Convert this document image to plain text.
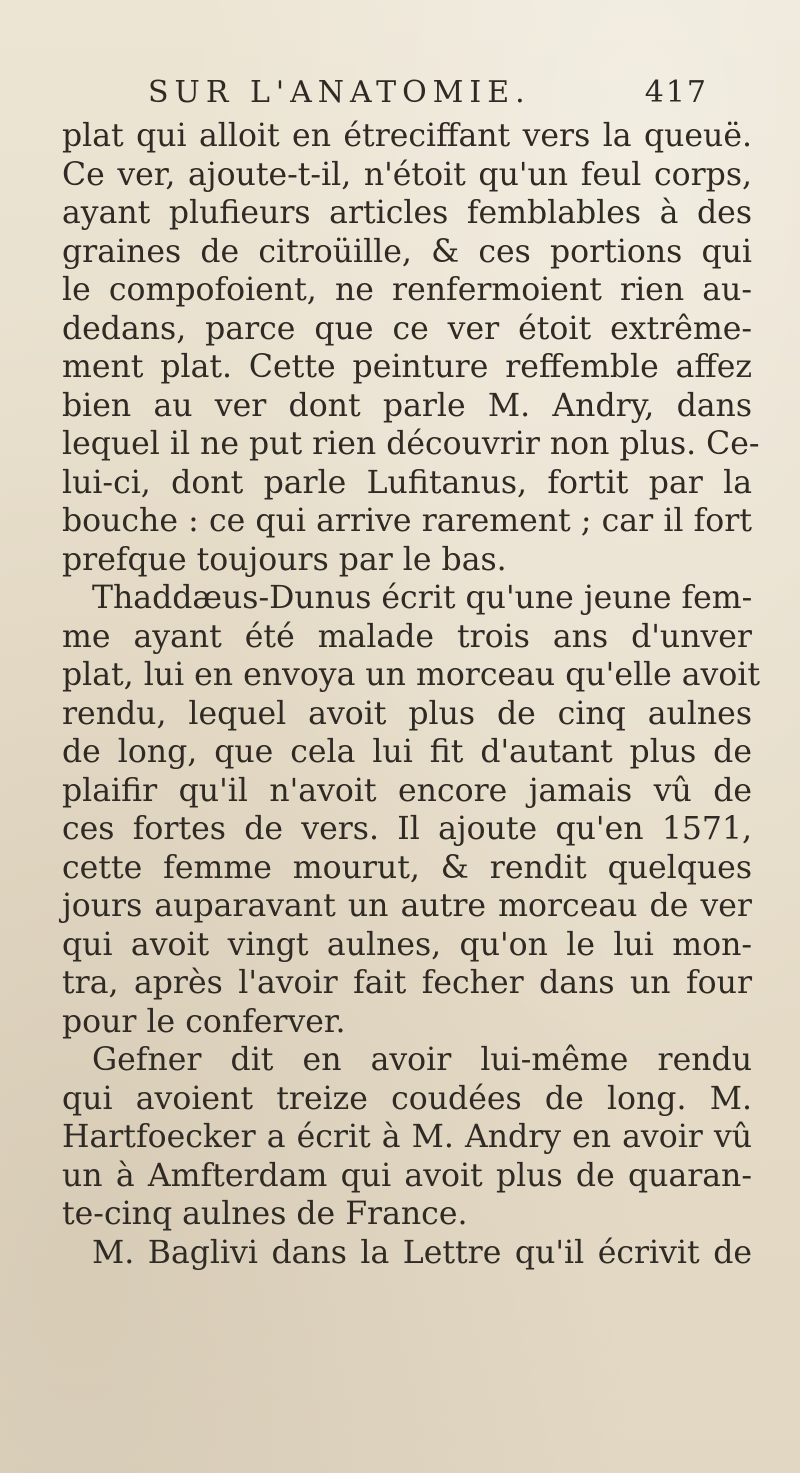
SUR L'ANATOMIE.	417
plat qui alloit en étreciffant vers la queuë.
Ce ver, ajoute-t-il, n'étoit qu'un feul corps,
ayant plufieurs articles femblables à des
graines de citroüille, & ces portions qui
le compofoient, ne renfermoient rien au-
dedans, parce que ce ver étoit extrême-
ment plat. Cette peinture reffemble affez
bien au ver dont parle M. Andry, dans
lequel il ne put rien découvrir non plus. Ce-
lui-ci, dont parle Lufitanus, fortit par la
bouche : ce qui arrive rarement ; car il fort
prefque toujours par le bas.
Thaddæus-Dunus écrit qu'une jeune fem-
me ayant été malade trois ans d'unver
plat, lui en envoya un morceau qu'elle avoit
rendu, lequel avoit plus de cinq aulnes
de long, que cela lui fit d'autant plus de
plaifir qu'il n'avoit encore jamais vû de
ces fortes de vers. Il ajoute qu'en 1571,
cette femme mourut, & rendit quelques
jours auparavant un autre morceau de ver
qui avoit vingt aulnes, qu'on le lui mon-
tra, après l'avoir fait fecher dans un four
pour le conferver.
Gefner dit en avoir lui-même rendu
qui avoient treize coudées de long. M.
Hartfoecker a écrit à M. Andry en avoir vû
un à Amfterdam qui avoit plus de quaran-
te-cinq aulnes de France.
M. Baglivi dans la Lettre qu'il écrivit de
